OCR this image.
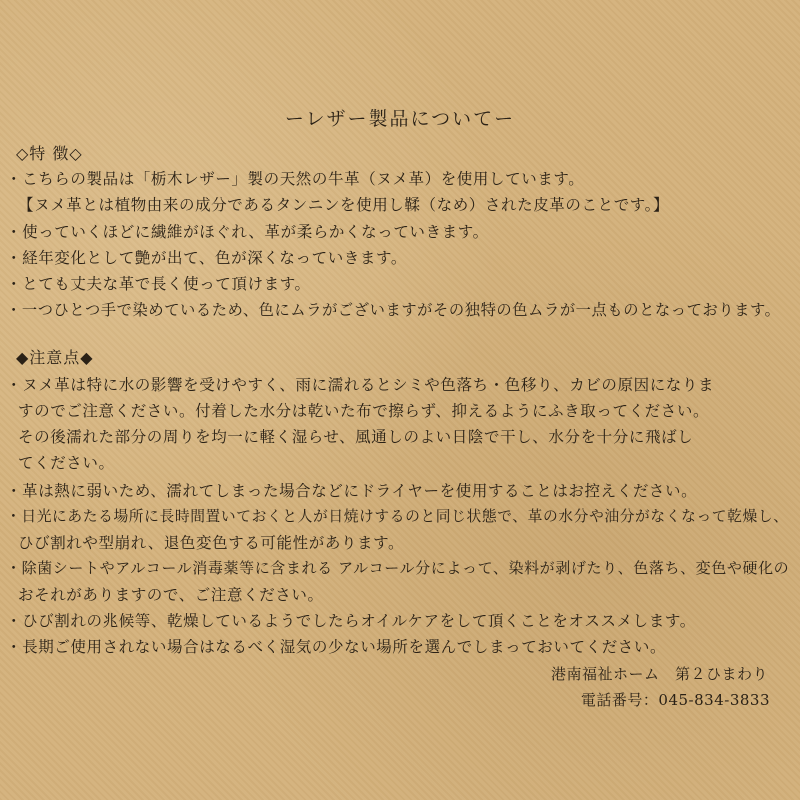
ーレザー製品についてー
◇特 徴◇
・こちらの製品は「栃木レザー」製の天然の牛革（ヌメ革）を使用しています。
【ヌメ革とは植物由来の成分であるタンニンを使用し鞣（なめ）された皮革のことです。】
・使っていくほどに繊維がほぐれ、革が柔らかくなっていきます。
・経年変化として艶が出て、色が深くなっていきます。
・とても丈夫な革で長く使って頂けます。
・一つひとつ手で染めているため、色にムラがございますがその独特の色ムラが一点ものとなっております。
◆注意点◆
・ヌメ革は特に水の影響を受けやすく、雨に濡れるとシミや色落ち・色移り、カビの原因になりま
すのでご注意ください。付着した水分は乾いた布で擦らず、抑えるようにふき取ってください。
その後濡れた部分の周りを均一に軽く湿らせ、風通しのよい日陰で干し、水分を十分に飛ばし
てください。
・革は熱に弱いため、濡れてしまった場合などにドライヤーを使用することはお控えください。
・日光にあたる場所に長時間置いておくと人が日焼けするのと同じ状態で、革の水分や油分がなくなって乾燥し、
ひび割れや型崩れ、退色変色する可能性があります。
・除菌シートやアルコール消毒薬等に含まれる アルコール分によって、染料が剥げたり、色落ち、変色や硬化の
おそれがありますので、ご注意ください。
・ひび割れの兆候等、乾燥しているようでしたらオイルケアをして頂くことをオススメします。
・長期ご使用されない場合はなるべく湿気の少ない場所を選んでしまっておいてください。
港南福祉ホーム　第２ひまわり
電話番号：045-834-3833
